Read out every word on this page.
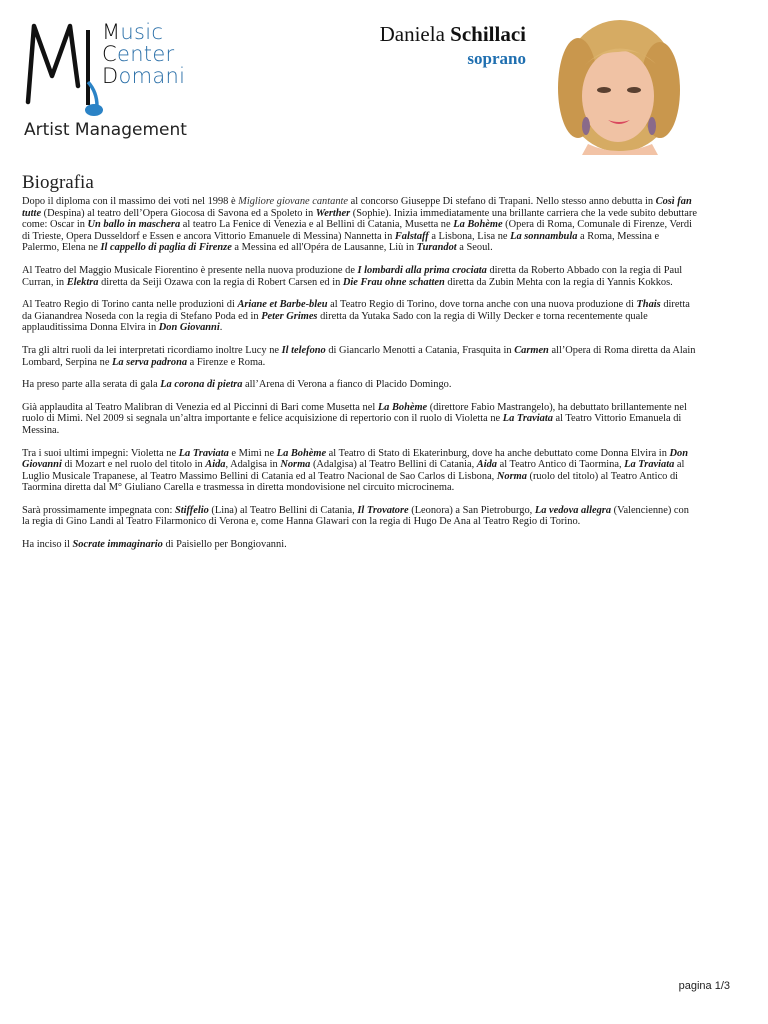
Music
Center
Domani
Artist Management
Daniela Schillaci
soprano
Biografia

Dopo il diploma con il massimo dei voti nel 1998 è Migliore giovane cantante al concorso Giuseppe Di stefano di Trapani. Nello stesso anno debutta in Così fan tutte (Despina) al teatro dell’Opera Giocosa di Savona ed a Spoleto in Werther (Sophie). Inizia immediatamente una brillante carriera che la vede subito debuttare come: Oscar in Un ballo in maschera al teatro La Fenice di Venezia e al Bellini di Catania, Musetta ne La Bohème (Opera di Roma, Comunale di Firenze, Verdi di Trieste, Opera Dusseldorf e Essen e ancora Vittorio Emanuele di Messina) Nannetta in Falstaff a Lisbona, Lisa ne La sonnambula a Roma, Messina e Palermo, Elena ne Il cappello di paglia di Firenze a Messina ed all'Opéra de Lausanne, Liù in Turandot a Seoul.

Al Teatro del Maggio Musicale Fiorentino è presente nella nuova produzione de I lombardi alla prima crociata diretta da Roberto Abbado con la regia di Paul Curran, in Elektra diretta da Seiji Ozawa con la regia di Robert Carsen ed in Die Frau ohne schatten diretta da Zubin Mehta con la regia di Yannis Kokkos.

Al Teatro Regio di Torino canta nelle produzioni di Ariane et Barbe-bleu al Teatro Regio di Torino, dove torna anche con una nuova produzione di Thais diretta da Gianandrea Noseda con la regia di Stefano Poda ed in Peter Grimes diretta da Yutaka Sado con la regia di Willy Decker e torna recentemente quale applauditissima Donna Elvira in Don Giovanni.

Tra gli altri ruoli da lei interpretati ricordiamo inoltre Lucy ne Il telefono di Giancarlo Menotti a Catania, Frasquita in Carmen all’Opera di Roma diretta da Alain Lombard, Serpina ne La serva padrona a Firenze e Roma.

Ha preso parte alla serata di gala La corona di pietra all’Arena di Verona a fianco di Placido Domingo.

Già applaudita al Teatro Malibran di Venezia ed al Piccinni di Bari come Musetta nel La Bohème (direttore Fabio Mastrangelo), ha debuttato brillantemente nel ruolo di Mimì. Nel 2009 si segnala un’altra importante e felice acquisizione di repertorio con il ruolo di Violetta ne La Traviata al Teatro Vittorio Emanuela di Messina.

Tra i suoi ultimi impegni: Violetta ne La Traviata e Mimì ne La Bohème al Teatro di Stato di Ekaterinburg, dove ha anche debuttato come Donna Elvira in Don Giovanni di Mozart e nel ruolo del titolo in Aida, Adalgisa in Norma (Adalgisa) al Teatro Bellini di Catania, Aida al Teatro Antico di Taormina, La Traviata al Luglio Musicale Trapanese, al Teatro Massimo Bellini di Catania ed al Teatro Nacional de Sao Carlos di Lisbona, Norma (ruolo del titolo) al Teatro Antico di Taormina diretta dal M° Giuliano Carella e trasmessa in diretta mondovisione nel circuito microcinema.

Sarà prossimamente impegnata con: Stiffelio (Lina) al Teatro Bellini di Catania, Il Trovatore (Leonora) a San Pietroburgo, La vedova allegra (Valencienne) con la regia di Gino Landi al Teatro Filarmonico di Verona e, come Hanna Glawari con la regia di Hugo De Ana al Teatro Regio di Torino.

Ha inciso il Socrate immaginario di Paisiello per Bongiovanni.

pagina 1/3
